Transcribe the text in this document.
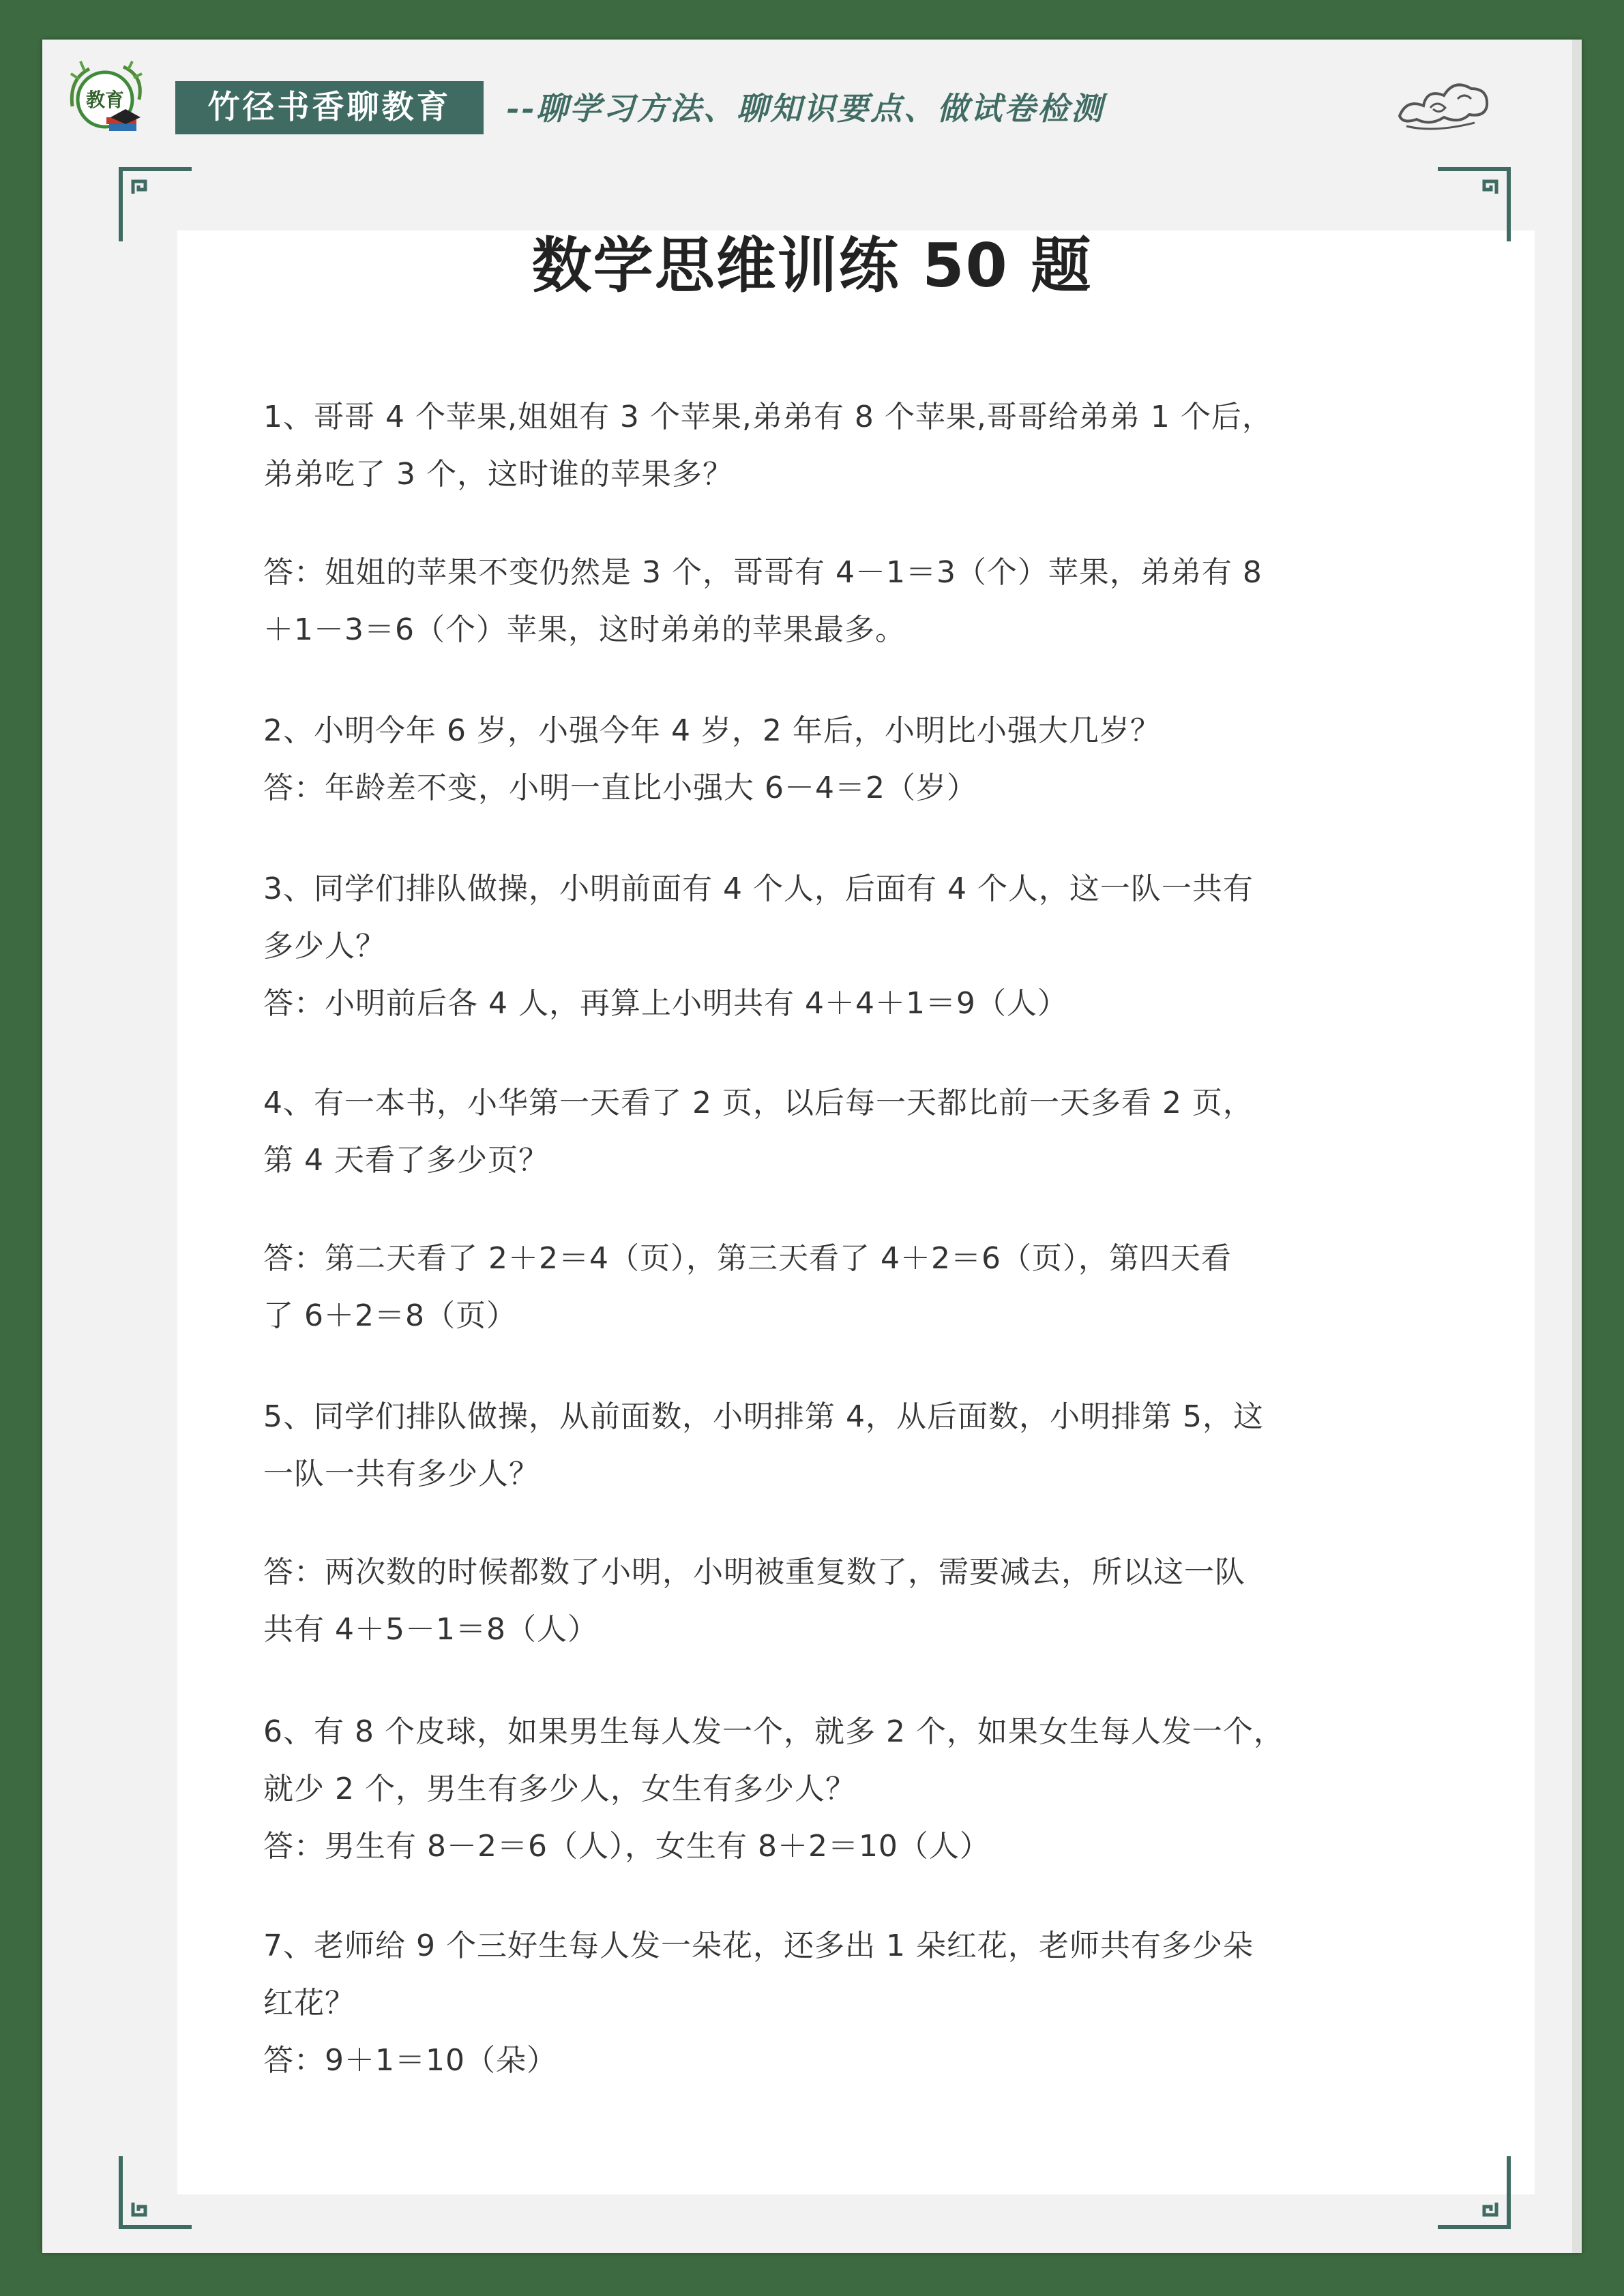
教育	竹径书香聊教育	--聊学习方法、聊知识要点、做试卷检测
数学思维训练 50 题

1、哥哥 4 个苹果,姐姐有 3 个苹果,弟弟有 8 个苹果,哥哥给弟弟 1 个后，

弟弟吃了 3 个，这时谁的苹果多？

答：姐姐的苹果不变仍然是 3 个，哥哥有 4－1＝3（个）苹果，弟弟有 8

＋1－3＝6（个）苹果，这时弟弟的苹果最多。

2、小明今年 6 岁，小强今年 4 岁，2 年后，小明比小强大几岁？

答：年龄差不变，小明一直比小强大 6－4＝2（岁）

3、同学们排队做操，小明前面有 4 个人，后面有 4 个人，这一队一共有

多少人？

答：小明前后各 4 人，再算上小明共有 4＋4＋1＝9（人）

4、有一本书，小华第一天看了 2 页，以后每一天都比前一天多看 2 页，

第 4 天看了多少页？

答：第二天看了 2＋2＝4（页），第三天看了 4＋2＝6（页），第四天看

了 6＋2＝8（页）

5、同学们排队做操，从前面数，小明排第 4，从后面数，小明排第 5，这

一队一共有多少人？

答：两次数的时候都数了小明，小明被重复数了，需要减去，所以这一队

共有 4＋5－1＝8（人）

6、有 8 个皮球，如果男生每人发一个，就多 2 个，如果女生每人发一个，

就少 2 个，男生有多少人，女生有多少人？

答：男生有 8－2＝6（人），女生有 8＋2＝10（人）

7、老师给 9 个三好生每人发一朵花，还多出 1 朵红花，老师共有多少朵

红花？

答：9＋1＝10（朵）
